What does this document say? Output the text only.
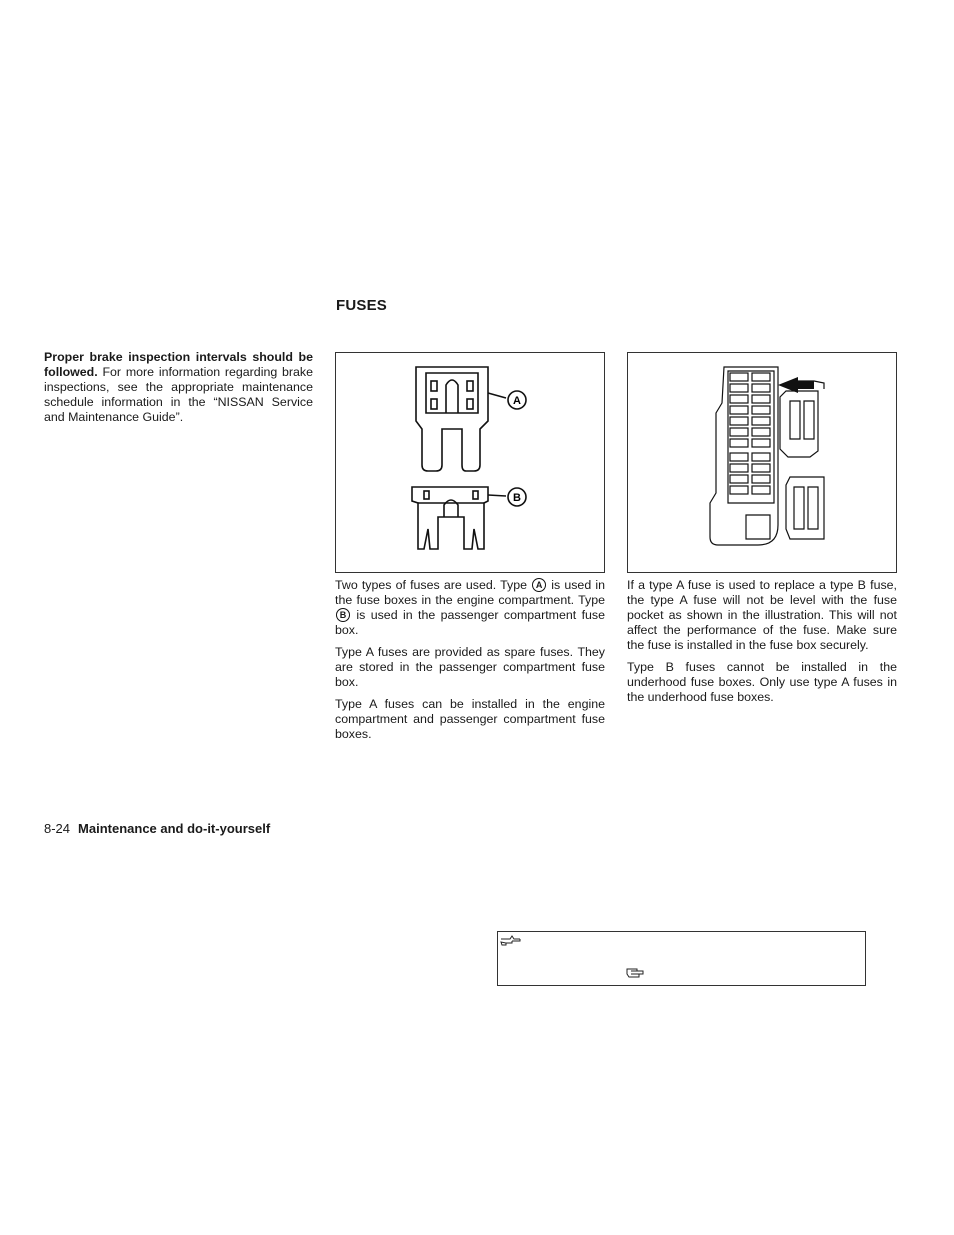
FUSES

Proper brake inspection intervals should be followed. For more information regarding brake inspections, see the appropriate maintenance schedule information in the “NISSAN Service and Maintenance Guide”.

A
B

Two types of fuses are used. Type A is used in the fuse boxes in the engine compartment. Type B is used in the passenger compartment fuse box.

Type A fuses are provided as spare fuses. They are stored in the passenger compartment fuse box.

Type A fuses can be installed in the engine compartment and passenger compartment fuse boxes.

If a type A fuse is used to replace a type B fuse, the type A fuse will not be level with the fuse pocket as shown in the illustration. This will not affect the performance of the fuse. Make sure the fuse is installed in the fuse box securely.

Type B fuses cannot be installed in the underhood fuse boxes. Only use type A fuses in the underhood fuse boxes.

8-24 Maintenance and do-it-yourself
